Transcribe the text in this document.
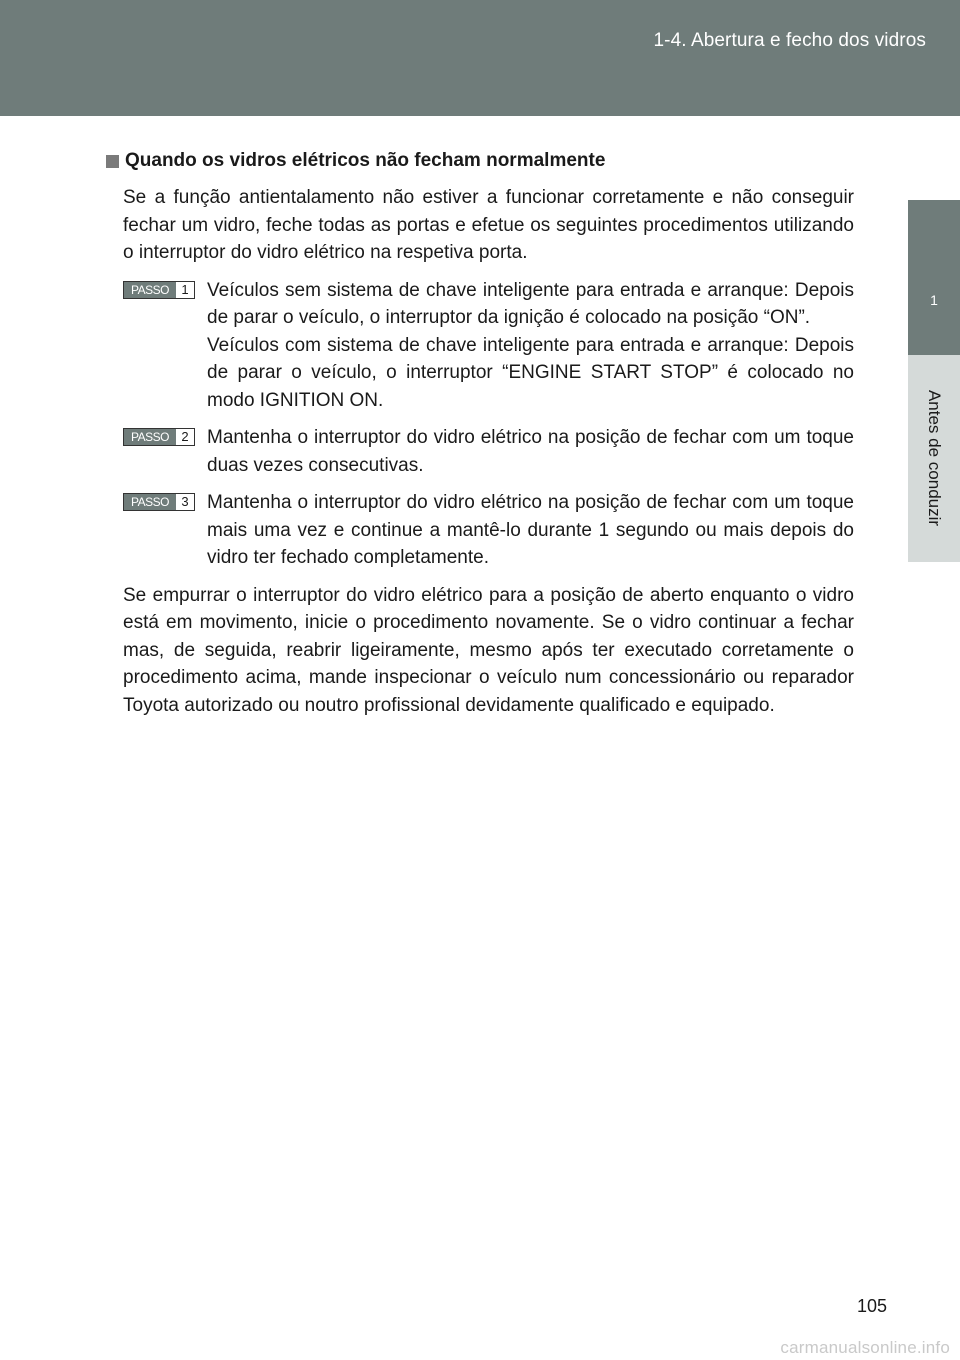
1-4. Abertura e fecho dos vidros
1
Antes de conduzir
Quando os vidros elétricos não fecham normalmente
Se a função antientalamento não estiver a funcionar corretamente e não conseguir fechar um vidro, feche todas as portas e efetue os seguintes procedimentos utilizando o interruptor do vidro elétrico na respetiva porta.
PASSO 1 Veículos sem sistema de chave inteligente para entrada e arranque: Depois de parar o veículo, o interruptor da ignição é colocado na posição “ON”.
Veículos com sistema de chave inteligente para entrada e arranque: Depois de parar o veículo, o interruptor “ENGINE START STOP” é colocado no modo IGNITION ON.
PASSO 2 Mantenha o interruptor do vidro elétrico na posição de fechar com um toque duas vezes consecutivas.
PASSO 3 Mantenha o interruptor do vidro elétrico na posição de fechar com um toque mais uma vez e continue a mantê-lo durante 1 segundo ou mais depois do vidro ter fechado completamente.
Se empurrar o interruptor do vidro elétrico para a posição de aberto enquanto o vidro está em movimento, inicie o procedimento novamente. Se o vidro continuar a fechar mas, de seguida, reabrir ligeiramente, mesmo após ter executado corretamente o procedimento acima, mande inspecionar o veículo num concessionário ou reparador Toyota autorizado ou noutro profissional devidamente qualificado e equipado.
105
carmanualsonline.info
